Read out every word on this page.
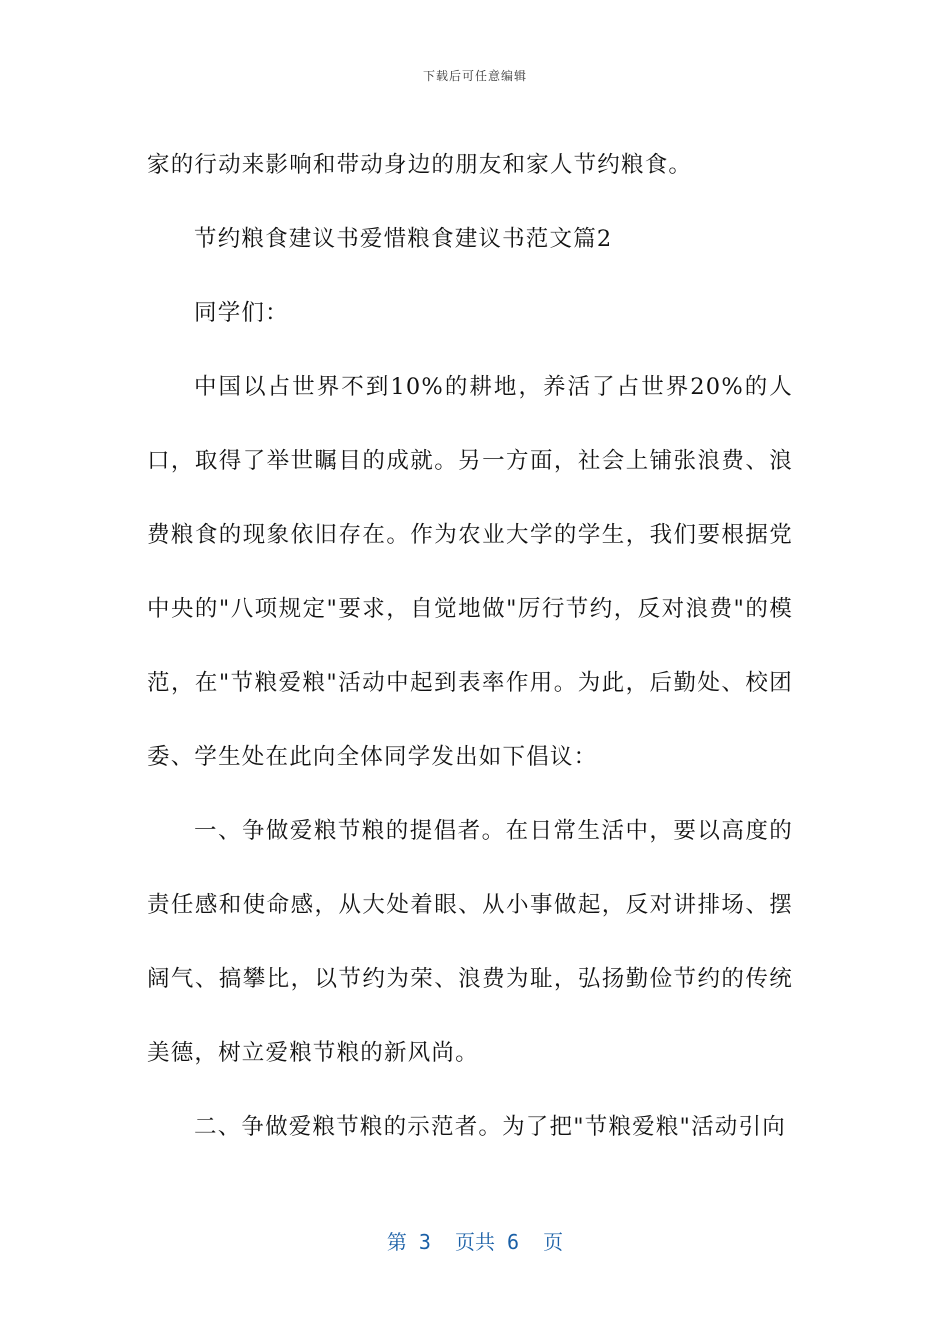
下载后可任意编辑

家的行动来影响和带动身边的朋友和家人节约粮食。

节约粮食建议书爱惜粮食建议书范文篇2

同学们：

中国以占世界不到10%的耕地，养活了占世界20%的人口，取得了举世瞩目的成就。另一方面，社会上铺张浪费、浪费粮食的现象依旧存在。作为农业大学的学生，我们要根据党中央的"八项规定"要求，自觉地做"厉行节约，反对浪费"的模范，在"节粮爱粮"活动中起到表率作用。为此，后勤处、校团委、学生处在此向全体同学发出如下倡议：

一、争做爱粮节粮的提倡者。在日常生活中，要以高度的责任感和使命感，从大处着眼、从小事做起，反对讲排场、摆阔气、搞攀比，以节约为荣、浪费为耻，弘扬勤俭节约的传统美德，树立爱粮节粮的新风尚。

二、争做爱粮节粮的示范者。为了把"节粮爱粮"活动引向

第 3  页共 6  页
